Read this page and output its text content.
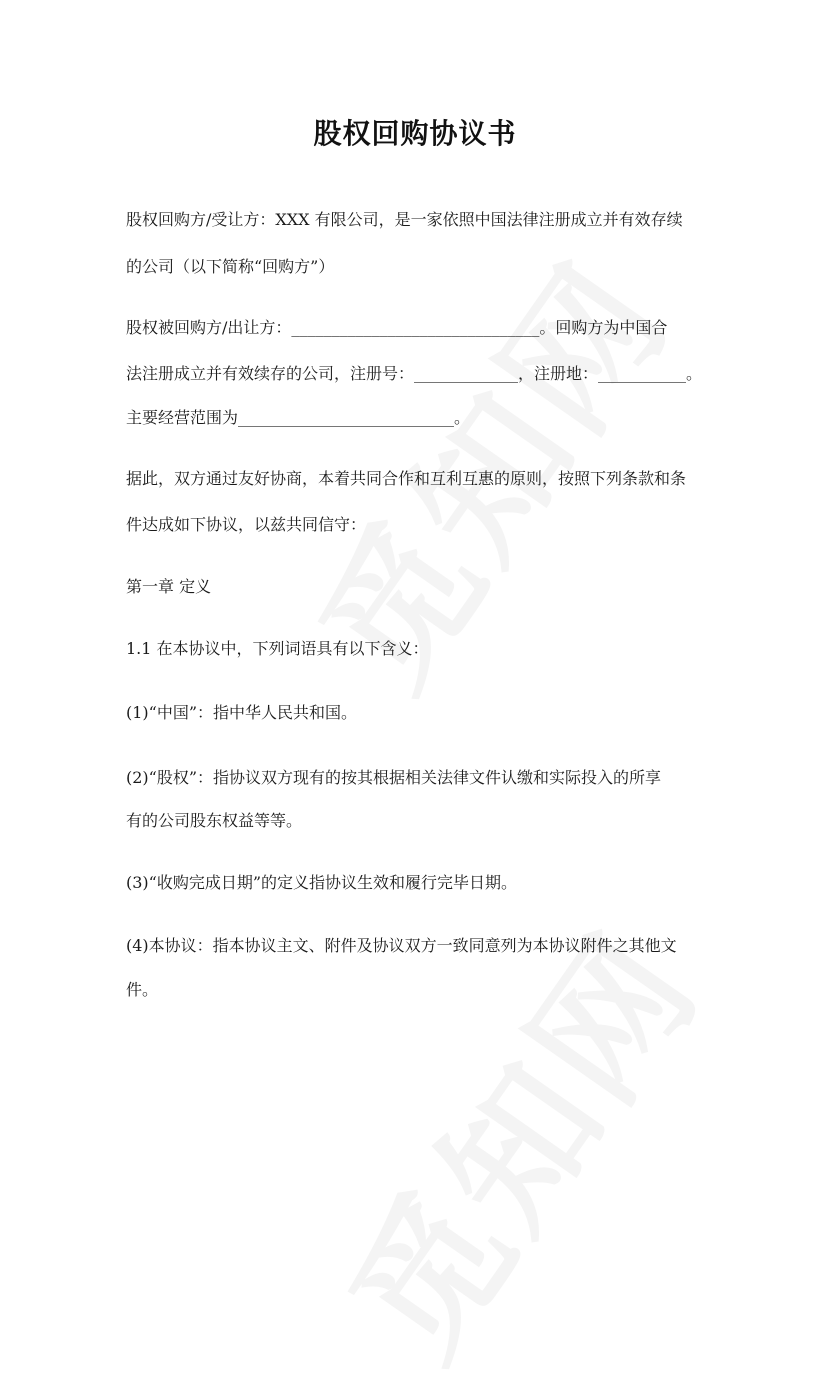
股权回购协议书
股权回购方/受让方：XXX 有限公司，是一家依照中国法律注册成立并有效存续
的公司（以下简称“回购方”）
股权被回购方/出让方：_______________________________。回购方为中国合
法注册成立并有效续存的公司，注册号：_____________，注册地：___________。
主要经营范围为___________________________。
据此，双方通过友好协商，本着共同合作和互利互惠的原则，按照下列条款和条
件达成如下协议，以兹共同信守：
第一章 定义
1.1 在本协议中，下列词语具有以下含义：
(1)“中国”：指中华人民共和国。
(2)“股权”：指协议双方现有的按其根据相关法律文件认缴和实际投入的所享
有的公司股东权益等等。
(3)“收购完成日期”的定义指协议生效和履行完毕日期。
(4)本协议：指本协议主文、附件及协议双方一致同意列为本协议附件之其他文
件。
